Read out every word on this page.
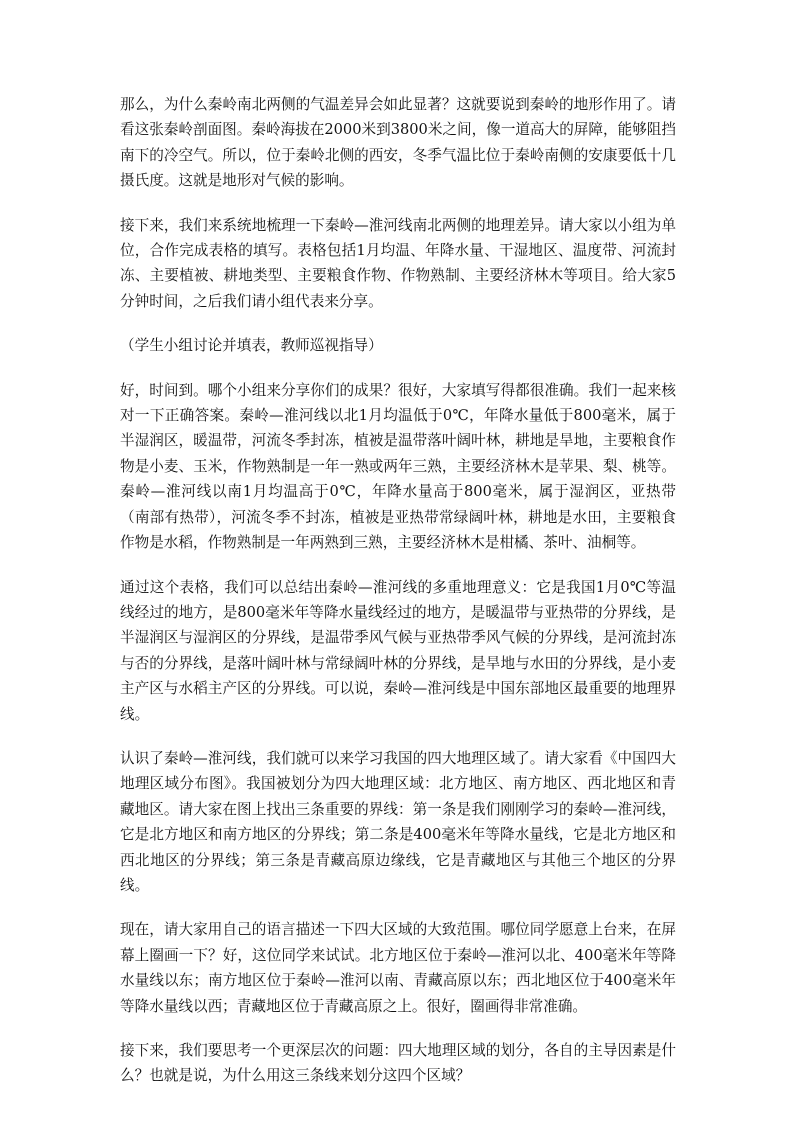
那么，为什么秦岭南北两侧的气温差异会如此显著？这就要说到秦岭的地形作用了。请看这张秦岭剖面图。秦岭海拔在2000米到3800米之间，像一道高大的屏障，能够阻挡南下的冷空气。所以，位于秦岭北侧的西安，冬季气温比位于秦岭南侧的安康要低十几摄氏度。这就是地形对气候的影响。

接下来，我们来系统地梳理一下秦岭—淮河线南北两侧的地理差异。请大家以小组为单位，合作完成表格的填写。表格包括1月均温、年降水量、干湿地区、温度带、河流封冻、主要植被、耕地类型、主要粮食作物、作物熟制、主要经济林木等项目。给大家5分钟时间，之后我们请小组代表来分享。

（学生小组讨论并填表，教师巡视指导）

好，时间到。哪个小组来分享你们的成果？很好，大家填写得都很准确。我们一起来核对一下正确答案。秦岭—淮河线以北1月均温低于0℃，年降水量低于800毫米，属于半湿润区，暖温带，河流冬季封冻，植被是温带落叶阔叶林，耕地是旱地，主要粮食作物是小麦、玉米，作物熟制是一年一熟或两年三熟，主要经济林木是苹果、梨、桃等。秦岭—淮河线以南1月均温高于0℃，年降水量高于800毫米，属于湿润区，亚热带（南部有热带），河流冬季不封冻，植被是亚热带常绿阔叶林，耕地是水田，主要粮食作物是水稻，作物熟制是一年两熟到三熟，主要经济林木是柑橘、茶叶、油桐等。

通过这个表格，我们可以总结出秦岭—淮河线的多重地理意义：它是我国1月0℃等温线经过的地方，是800毫米年等降水量线经过的地方，是暖温带与亚热带的分界线，是半湿润区与湿润区的分界线，是温带季风气候与亚热带季风气候的分界线，是河流封冻与否的分界线，是落叶阔叶林与常绿阔叶林的分界线，是旱地与水田的分界线，是小麦主产区与水稻主产区的分界线。可以说，秦岭—淮河线是中国东部地区最重要的地理界线。

认识了秦岭—淮河线，我们就可以来学习我国的四大地理区域了。请大家看《中国四大地理区域分布图》。我国被划分为四大地理区域：北方地区、南方地区、西北地区和青藏地区。请大家在图上找出三条重要的界线：第一条是我们刚刚学习的秦岭—淮河线，它是北方地区和南方地区的分界线；第二条是400毫米年等降水量线，它是北方地区和西北地区的分界线；第三条是青藏高原边缘线，它是青藏地区与其他三个地区的分界线。

现在，请大家用自己的语言描述一下四大区域的大致范围。哪位同学愿意上台来，在屏幕上圈画一下？好，这位同学来试试。北方地区位于秦岭—淮河以北、400毫米年等降水量线以东；南方地区位于秦岭—淮河以南、青藏高原以东；西北地区位于400毫米年等降水量线以西；青藏地区位于青藏高原之上。很好，圈画得非常准确。

接下来，我们要思考一个更深层次的问题：四大地理区域的划分，各自的主导因素是什么？也就是说，为什么用这三条线来划分这四个区域？
